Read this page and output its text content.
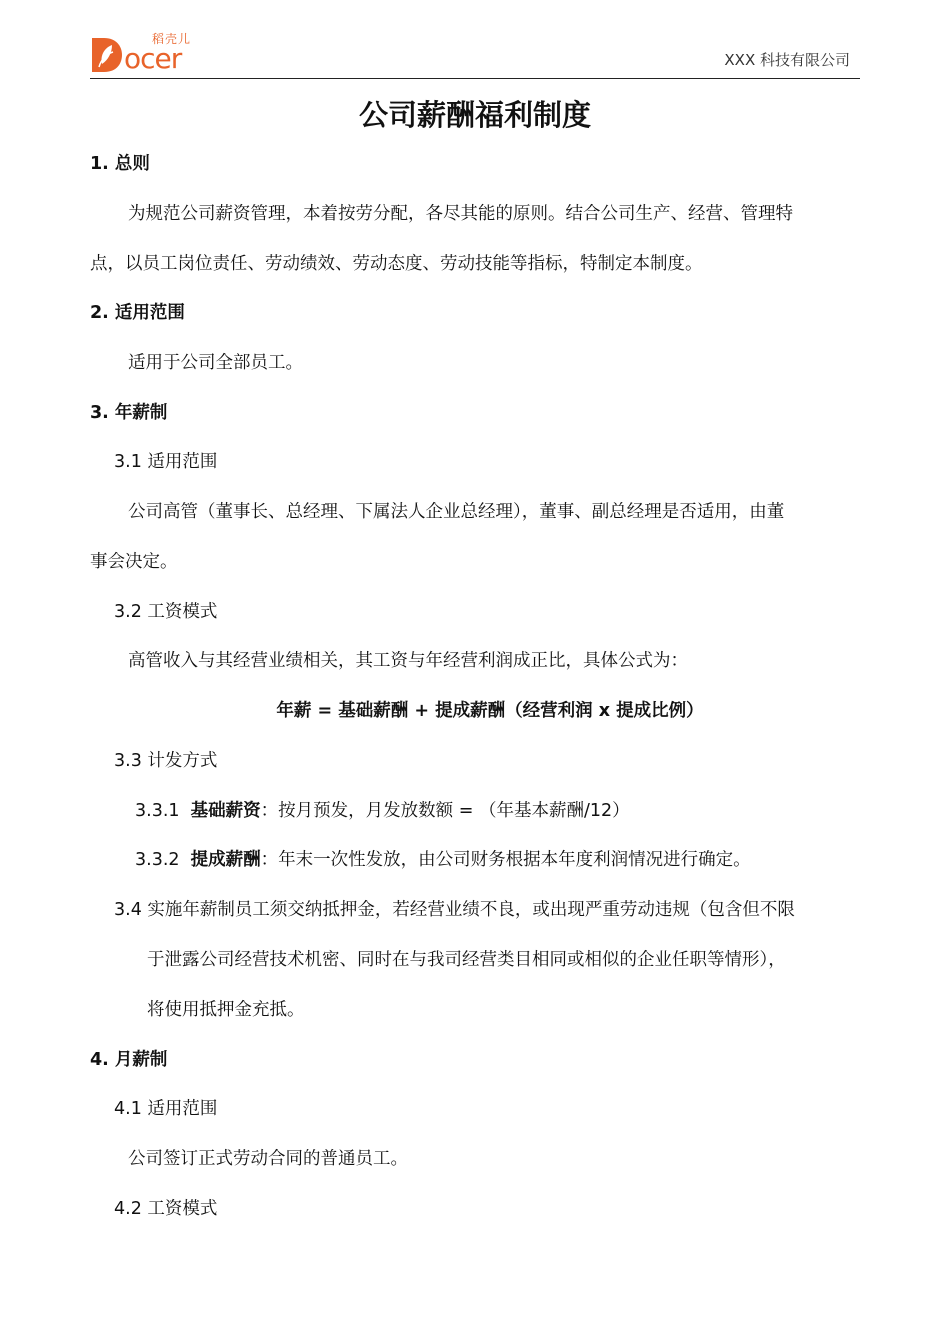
ocer
稻壳儿
XXX 科技有限公司
公司薪酬福利制度
1. 总则
为规范公司薪资管理，本着按劳分配，各尽其能的原则。结合公司生产、经营、管理特
点，以员工岗位责任、劳动绩效、劳动态度、劳动技能等指标，特制定本制度。
2. 适用范围
适用于公司全部员工。
3. 年薪制
3.1 适用范围
公司高管（董事长、总经理、下属法人企业总经理），董事、副总经理是否适用，由董
事会决定。
3.2 工资模式
高管收入与其经营业绩相关，其工资与年经营利润成正比，具体公式为：
年薪 = 基础薪酬 + 提成薪酬（经营利润 x 提成比例）
3.3 计发方式
3.3.1 基础薪资：按月预发，月发放数额 = （年基本薪酬/12）
3.3.2 提成薪酬：年末一次性发放，由公司财务根据本年度利润情况进行确定。
3.4 实施年薪制员工须交纳抵押金，若经营业绩不良，或出现严重劳动违规（包含但不限
于泄露公司经营技术机密、同时在与我司经营类目相同或相似的企业任职等情形），
将使用抵押金充抵。
4. 月薪制
4.1 适用范围
公司签订正式劳动合同的普通员工。
4.2 工资模式
